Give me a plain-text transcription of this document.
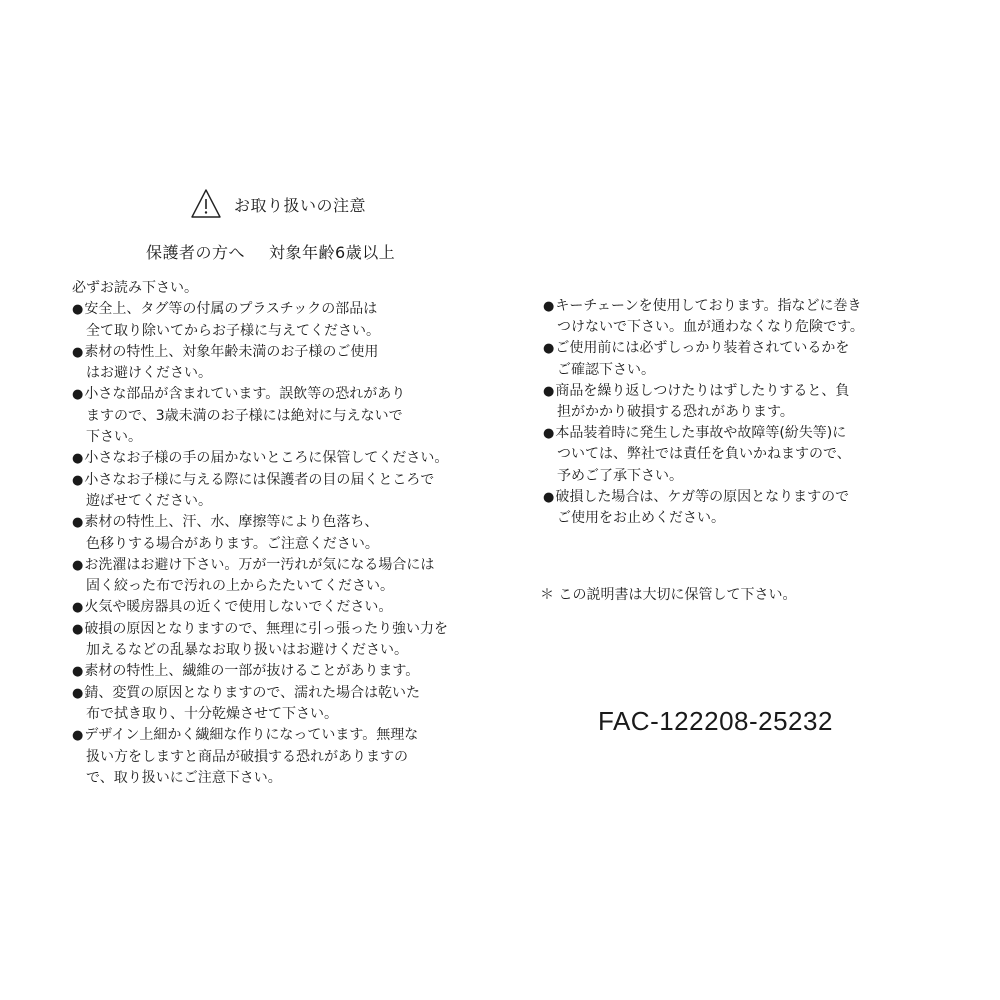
お取り扱いの注意
保護者の方へ 対象年齢6歳以上
必ずお読み下さい。
● 安全上、タグ等の付属のプラスチックの部品は
全て取り除いてからお子様に与えてください。
● 素材の特性上、対象年齢未満のお子様のご使用
はお避けください。
● 小さな部品が含まれています。誤飲等の恐れがあり
ますので、3歳未満のお子様には絶対に与えないで
下さい。
● 小さなお子様の手の届かないところに保管してください。
● 小さなお子様に与える際には保護者の目の届くところで
遊ばせてください。
● 素材の特性上、汗、水、摩擦等により色落ち、
色移りする場合があります。ご注意ください。
● お洗濯はお避け下さい。万が一汚れが気になる場合には
固く絞った布で汚れの上からたたいてください。
● 火気や暖房器具の近くで使用しないでください。
● 破損の原因となりますので、無理に引っ張ったり強い力を
加えるなどの乱暴なお取り扱いはお避けください。
● 素材の特性上、繊維の一部が抜けることがあります。
● 錆、変質の原因となりますので、濡れた場合は乾いた
布で拭き取り、十分乾燥させて下さい。
● デザイン上細かく繊細な作りになっています。無理な
扱い方をしますと商品が破損する恐れがありますの
で、取り扱いにご注意下さい。
● キーチェーンを使用しております。指などに巻き
つけないで下さい。血が通わなくなり危険です。
● ご使用前には必ずしっかり装着されているかを
ご確認下さい。
● 商品を繰り返しつけたりはずしたりすると、負
担がかかり破損する恐れがあります。
● 本品装着時に発生した事故や故障等(紛失等)に
ついては、弊社では責任を負いかねますので、
予めご了承下さい。
● 破損した場合は、ケガ等の原因となりますので
ご使用をお止めください。
＊ この説明書は大切に保管して下さい。
FAC-122208-25232
